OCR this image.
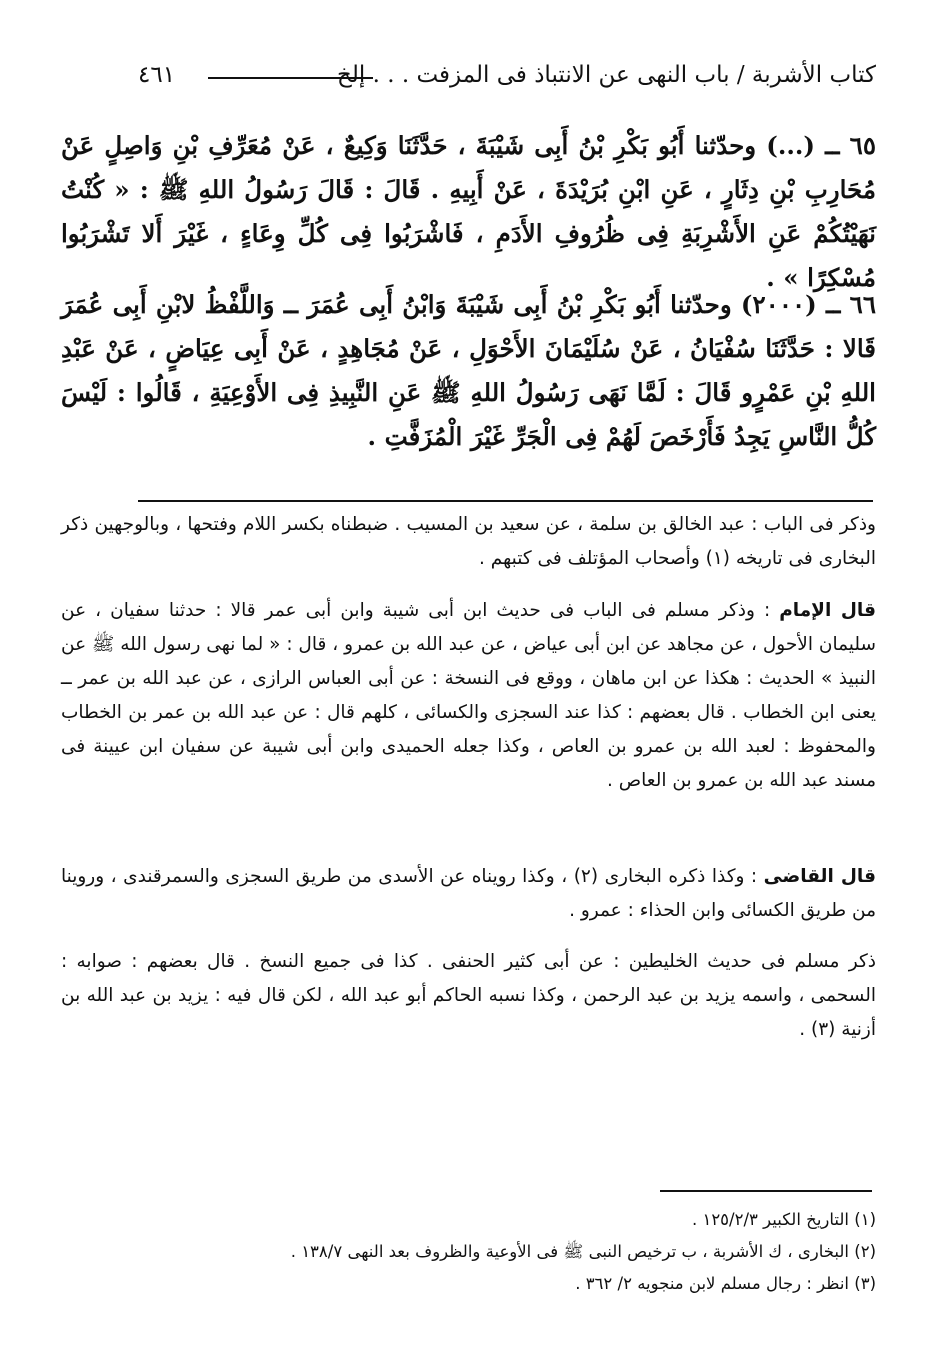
كتاب الأشربة / باب النهى عن الانتباذ فى المزفت . . . إلخ
٤٦١

٦٥ ــ (...) وحدّثنا أَبُو بَكْرِ بْنُ أَبِى شَيْبَةَ ، حَدَّثَنَا وَكِيعٌ ، عَنْ مُعَرِّفِ بْنِ وَاصِلٍ عَنْ مُحَارِبِ بْنِ دِثَارٍ ، عَنِ ابْنِ بُرَيْدَةَ ، عَنْ أَبِيهِ . قَالَ : قَالَ رَسُولُ اللهِ ﷺ : « كُنْتُ نَهَيْتُكُمْ عَنِ الأَشْرِبَةِ فِى ظُرُوفِ الأَدَمِ ، فَاشْرَبُوا فِى كُلِّ وِعَاءٍ ، غَيْرَ أَلا تَشْرَبُوا مُسْكِرًا » .

٦٦ ــ (٢٠٠٠) وحدّثنا أَبُو بَكْرِ بْنُ أَبِى شَيْبَةَ وَابْنُ أَبِى عُمَرَ ــ وَاللَّفْظُ لابْنِ أَبِى عُمَرَ قَالا : حَدَّثَنَا سُفْيَانُ ، عَنْ سُلَيْمَانَ الأَحْوَلِ ، عَنْ مُجَاهِدٍ ، عَنْ أَبِى عِيَاضٍ ، عَنْ عَبْدِ اللهِ بْنِ عَمْرٍو قَالَ : لَمَّا نَهَى رَسُولُ اللهِ ﷺ عَنِ النَّبِيذِ فِى الأَوْعِيَةِ ، قَالُوا : لَيْسَ كُلُّ النَّاسِ يَجِدُ فَأَرْخَصَ لَهُمْ فِى الْجَرِّ غَيْرَ الْمُزَفَّتِ .

وذكر فى الباب : عبد الخالق بن سلمة ، عن سعيد بن المسيب . ضبطناه بكسر اللام وفتحها ، وبالوجهين ذكر البخارى فى تاريخه (١) وأصحاب المؤتلف فى كتبهم .

قال الإمام : وذكر مسلم فى الباب فى حديث ابن أبى شيبة وابن أبى عمر قالا : حدثنا سفيان ، عن سليمان الأحول ، عن مجاهد عن ابن أبى عياض ، عن عبد الله بن عمرو ، قال : « لما نهى رسول الله ﷺ عن النبيذ » الحديث : هكذا عن ابن ماهان ، ووقع فى النسخة : عن أبى العباس الرازى ، عن عبد الله بن عمر ــ يعنى ابن الخطاب . قال بعضهم : كذا عند السجزى والكسائى ، كلهم قال : عن عبد الله بن عمر بن الخطاب والمحفوظ : لعبد الله بن عمرو بن العاص ، وكذا جعله الحميدى وابن أبى شيبة عن سفيان ابن عيينة فى مسند عبد الله بن عمرو بن العاص .

قال القاضى : وكذا ذكره البخارى (٢) ، وكذا رويناه عن الأسدى من طريق السجزى والسمرقندى ، وروينا من طريق الكسائى وابن الحذاء : عمرو .

ذكر مسلم فى حديث الخليطين : عن أبى كثير الحنفى . كذا فى جميع النسخ . قال بعضهم : صوابه : السحمى ، واسمه يزيد بن عبد الرحمن ، وكذا نسبه الحاكم أبو عبد الله ، لكن قال فيه : يزيد بن عبد الله بن أزنية (٣) .

(١) التاريخ الكبير ١٢٥/٢/٣ .
(٢) البخارى ، ك الأشربة ، ب ترخيص النبى ﷺ فى الأوعية والظروف بعد النهى ١٣٨/٧ .
(٣) انظر : رجال مسلم لابن منجويه ٢/ ٣٦٢ .
